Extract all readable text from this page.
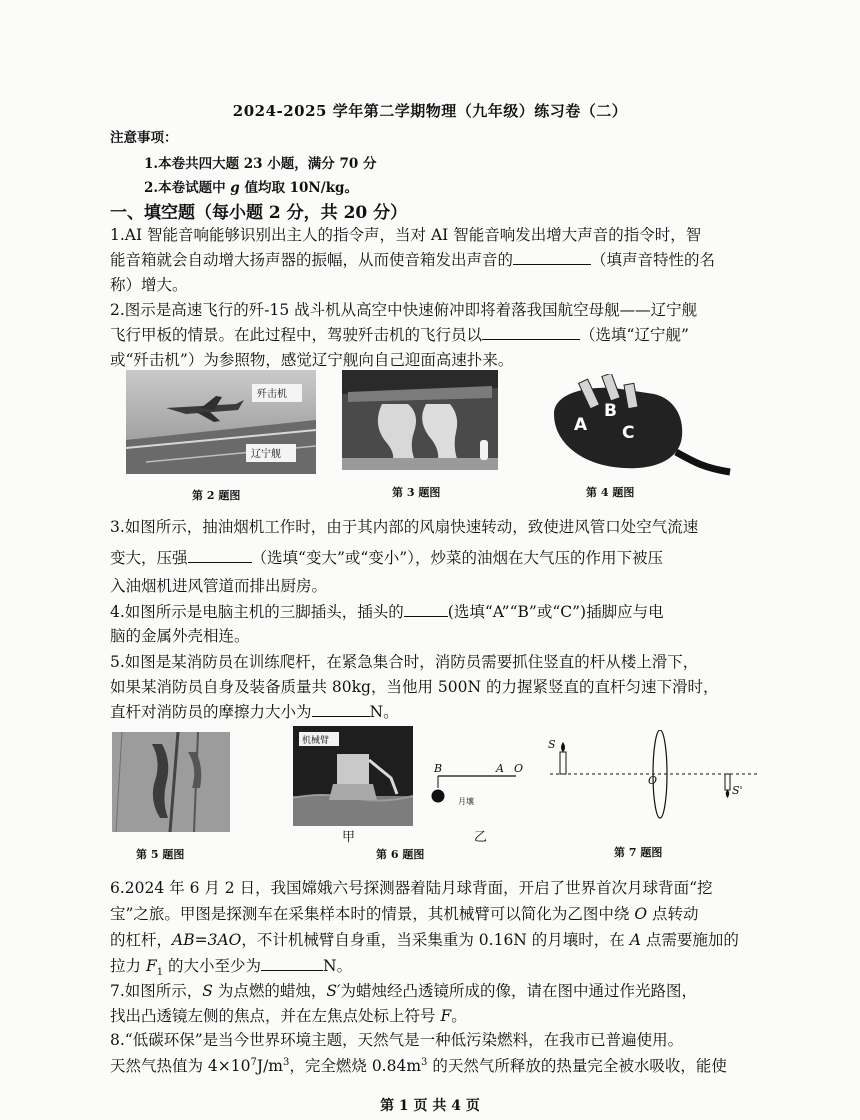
2024-2025 学年第二学期物理（九年级）练习卷（二）
注意事项：
1.本卷共四大题 23 小题，满分 70 分
2.本卷试题中 g 值均取 10N/kg。
一、填空题（每小题 2 分，共 20 分）
1.AI 智能音响能够识别出主人的指令声，当对 AI 智能音响发出增大声音的指令时，智
能音箱就会自动增大扬声器的振幅，从而使音箱发出声音的	（填声音特性的名
称）增大。
2.图示是高速飞行的歼-15 战斗机从高空中快速俯冲即将着落我国航空母舰——辽宁舰
飞行甲板的情景。在此过程中，驾驶歼击机的飞行员以	（选填“辽宁舰”
或“歼击机”）为参照物，感觉辽宁舰向自己迎面高速扑来。
歼击机
辽宁舰
第 2 题图	第 3 题图
A
B
C
第 4 题图
3.如图所示，抽油烟机工作时，由于其内部的风扇快速转动，致使进风管口处空气流速
变大，压强	（选填“变大”或“变小”），炒菜的油烟在大气压的作用下被压
入油烟机进风管道而排出厨房。
4.如图所示是电脑主机的三脚插头，插头的	(选填“A”“B”或“C”)插脚应与电
脑的金属外壳相连。
5.如图是某消防员在训练爬杆，在紧急集合时，消防员需要抓住竖直的杆从楼上滑下，
如果某消防员自身及装备质量共 80kg，当他用 500N 的力握紧竖直的直杆匀速下滑时，
直杆对消防员的摩擦力大小为	N。
第 5 题图
机械臂
甲
B	A O
月壤
乙
第 6 题图
S
O
S'
第 7 题图
6.2024 年 6 月 2 日，我国嫦娥六号探测器着陆月球背面，开启了世界首次月球背面“挖
宝”之旅。甲图是探测车在采集样本时的情景，其机械臂可以简化为乙图中绕 O 点转动
的杠杆，AB=3AO，不计机械臂自身重，当采集重为 0.16N 的月壤时，在 A 点需要施加的
拉力 $F_1$ 的大小至少为	N。
7.如图所示，S 为点燃的蜡烛，S′为蜡烛经凸透镜所成的像，请在图中通过作光路图，
找出凸透镜左侧的焦点，并在左焦点处标上符号 F。
8.“低碳环保”是当今世界环境主题，天然气是一种低污染燃料，在我市已普遍使用。
天然气热值为 $4\times 10^7J/m^3$，完全燃烧 $0.84m^3$ 的天然气所释放的热量完全被水吸收，能使
第 1 页 共 4 页
